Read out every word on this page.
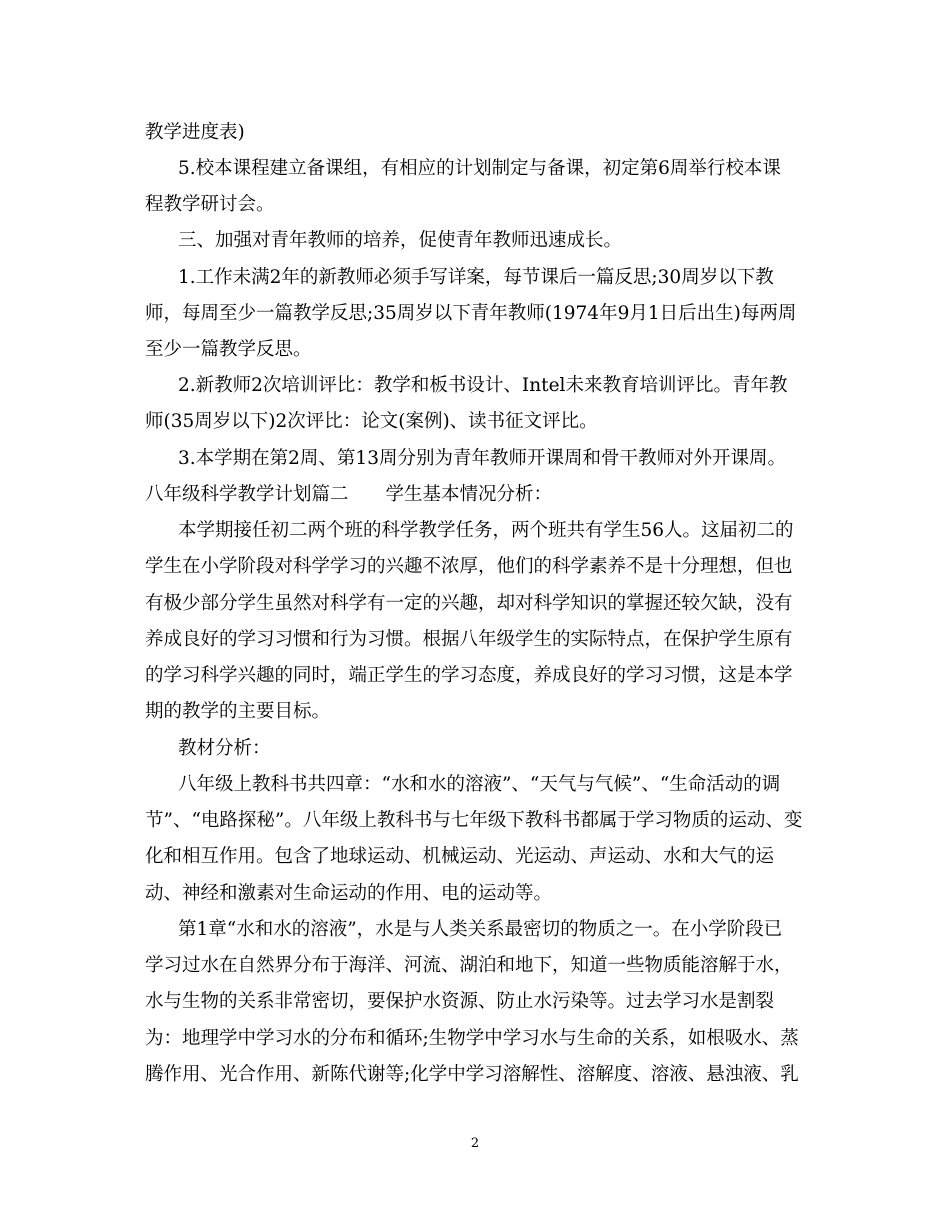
教学进度表)
5.校本课程建立备课组，有相应的计划制定与备课，初定第6周举行校本课
程教学研讨会。
三、加强对青年教师的培养，促使青年教师迅速成长。
1.工作未满2年的新教师必须手写详案，每节课后一篇反思;30周岁以下教
师，每周至少一篇教学反思;35周岁以下青年教师(1974年9月1日后出生)每两周
至少一篇教学反思。
2.新教师2次培训评比：教学和板书设计、Intel未来教育培训评比。青年教
师(35周岁以下)2次评比：论文(案例)、读书征文评比。
3.本学期在第2周、第13周分别为青年教师开课周和骨干教师对外开课周。
八年级科学教学计划篇二　　学生基本情况分析：
本学期接任初二两个班的科学教学任务，两个班共有学生56人。这届初二的
学生在小学阶段对科学学习的兴趣不浓厚，他们的科学素养不是十分理想，但也
有极少部分学生虽然对科学有一定的兴趣，却对科学知识的掌握还较欠缺，没有
养成良好的学习习惯和行为习惯。根据八年级学生的实际特点，在保护学生原有
的学习科学兴趣的同时，端正学生的学习态度，养成良好的学习习惯，这是本学
期的教学的主要目标。
教材分析：
八年级上教科书共四章：“水和水的溶液”、“天气与气候”、“生命活动的调
节”、“电路探秘”。八年级上教科书与七年级下教科书都属于学习物质的运动、变
化和相互作用。包含了地球运动、机械运动、光运动、声运动、水和大气的运
动、神经和激素对生命运动的作用、电的运动等。
第1章“水和水的溶液”，水是与人类关系最密切的物质之一。在小学阶段已
学习过水在自然界分布于海洋、河流、湖泊和地下，知道一些物质能溶解于水，
水与生物的关系非常密切，要保护水资源、防止水污染等。过去学习水是割裂
为：地理学中学习水的分布和循环;生物学中学习水与生命的关系，如根吸水、蒸
腾作用、光合作用、新陈代谢等;化学中学习溶解性、溶解度、溶液、悬浊液、乳
2
